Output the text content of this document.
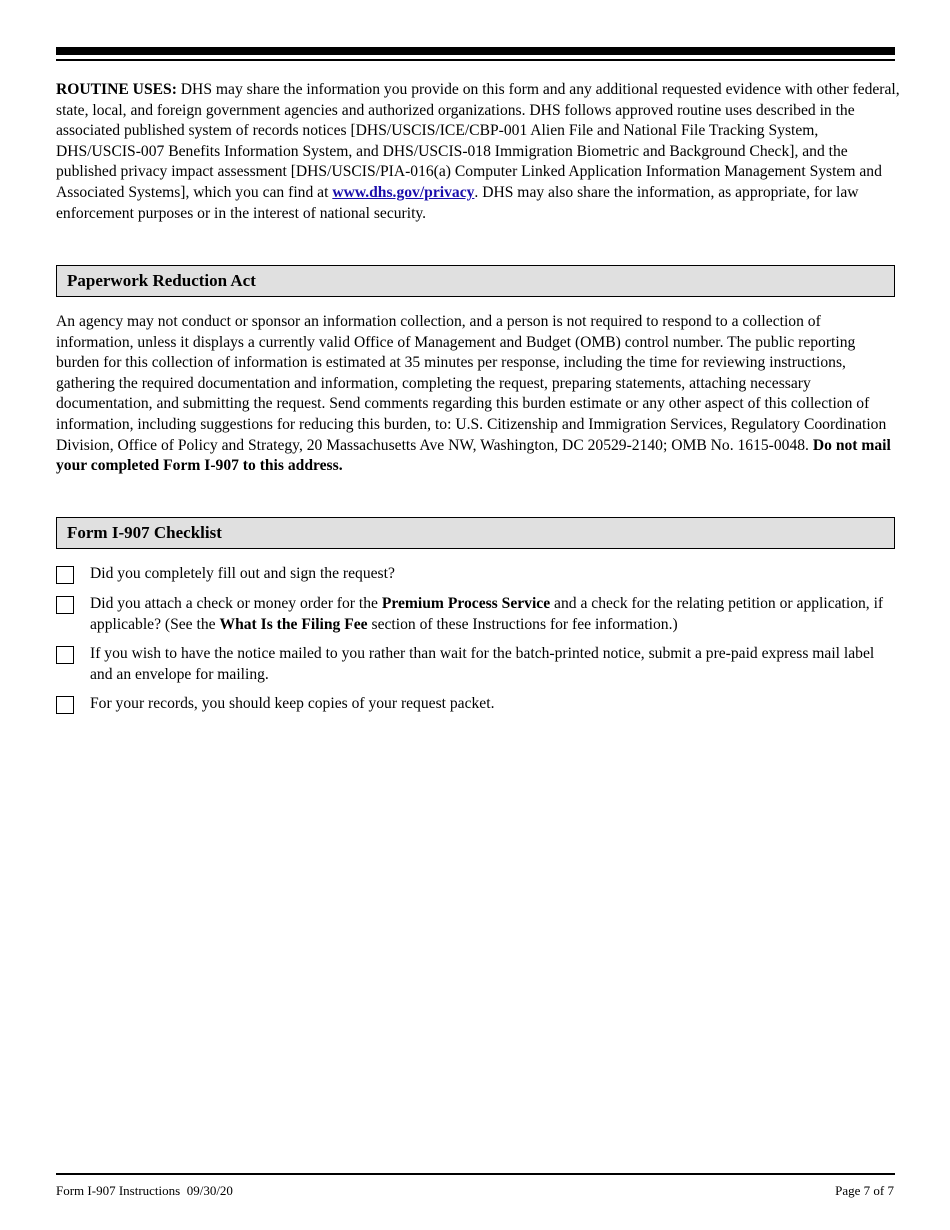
ROUTINE USES: DHS may share the information you provide on this form and any additional requested evidence with other federal, state, local, and foreign government agencies and authorized organizations. DHS follows approved routine uses described in the associated published system of records notices [DHS/USCIS/ICE/CBP-001 Alien File and National File Tracking System, DHS/USCIS-007 Benefits Information System, and DHS/USCIS-018 Immigration Biometric and Background Check], and the published privacy impact assessment [DHS/USCIS/PIA-016(a) Computer Linked Application Information Management System and Associated Systems], which you can find at www.dhs.gov/privacy. DHS may also share the information, as appropriate, for law enforcement purposes or in the interest of national security.

Paperwork Reduction Act

An agency may not conduct or sponsor an information collection, and a person is not required to respond to a collection of information, unless it displays a currently valid Office of Management and Budget (OMB) control number. The public reporting burden for this collection of information is estimated at 35 minutes per response, including the time for reviewing instructions, gathering the required documentation and information, completing the request, preparing statements, attaching necessary documentation, and submitting the request. Send comments regarding this burden estimate or any other aspect of this collection of information, including suggestions for reducing this burden, to: U.S. Citizenship and Immigration Services, Regulatory Coordination Division, Office of Policy and Strategy, 20 Massachusetts Ave NW, Washington, DC 20529-2140; OMB No. 1615-0048. Do not mail your completed Form I-907 to this address.

Form I-907 Checklist

Did you completely fill out and sign the request?

Did you attach a check or money order for the Premium Process Service and a check for the relating petition or application, if applicable? (See the What Is the Filing Fee section of these Instructions for fee information.)

If you wish to have the notice mailed to you rather than wait for the batch-printed notice, submit a pre-paid express mail label and an envelope for mailing.

For your records, you should keep copies of your request packet.

Form I-907 Instructions  09/30/20	Page 7 of 7
